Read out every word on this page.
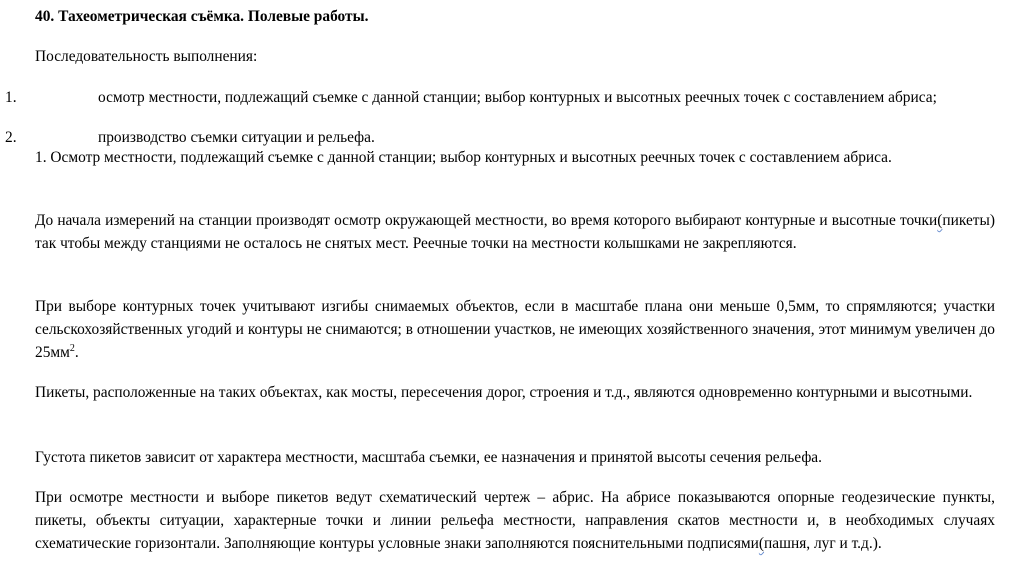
40. Тахеометрическая съёмка. Полевые работы.
Последовательность выполнения:
1.	осмотр местности, подлежащий съемке с данной станции; выбор контурных и высотных реечных точек с составлением абриса;
2.	производство съемки ситуации и рельефа.
1. Осмотр местности, подлежащий съемке с данной станции; выбор контурных и высотных реечных точек с составлением абриса.
До начала измерений на станции производят осмотр окружающей местности, во время которого выбирают контурные и высотные точки(пикеты) так чтобы между станциями не осталось не снятых мест. Реечные точки на местности колышками не закрепляются.
При выборе контурных точек учитывают изгибы снимаемых объектов, если в масштабе плана они меньше 0,5мм, то спрямляются; участки сельскохозяйственных угодий и контуры не снимаются; в отношении участков, не имеющих хозяйственного значения, этот минимум увеличен до $25мм^2$.
Пикеты, расположенные на таких объектах, как мосты, пересечения дорог, строения и т.д., являются одновременно контурными и высотными.
Густота пикетов зависит от характера местности, масштаба съемки, ее назначения и принятой высоты сечения рельефа.
При осмотре местности и выборе пикетов ведут схематический чертеж – абрис. На абрисе показываются опорные геодезические пункты, пикеты, объекты ситуации, характерные точки и линии рельефа местности, направления скатов местности и, в необходимых случаях схематические горизонтали. Заполняющие контуры условные знаки заполняются пояснительными подписями(пашня, луг и т.д.).
